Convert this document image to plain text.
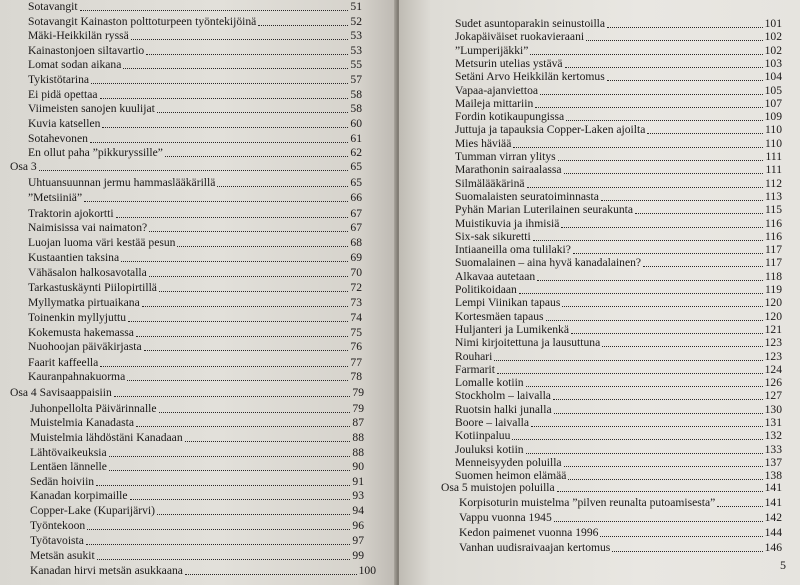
Sotavangit	51
Sotavangit Kainaston polttoturpeen työntekijöinä	52
Mäki-Heikkilän ryssä	53
Kainastonjoen siltavartio	53
Lomat sodan aikana	55
Tykistötarina	57
Ei pidä opettaa	58
Viimeisten sanojen kuulijat	58
Kuvia katsellen	60
Sotahevonen	61
En ollut paha ”pikkuryssille”	62
Osa 3	65
Uhtuansuunnan jermu hammaslääkärillä	65
”Metsiiniä”	66
Traktorin ajokortti	67
Naimisissa vai naimaton?	67
Luojan luoma väri kestää pesun	68
Kustaantien taksina	69
Vähäsalon halkosavotalla	70
Tarkastuskäynti Piilopirtillä	72
Myllymatka pirtuaikana	73
Toinenkin myllyjuttu	74
Kokemusta hakemassa	75
Nuohoojan päiväkirjasta	76
Faarit kaffeella	77
Kauranpahnakuorma	78
Osa 4 Savisaappaisiin	79
Juhonpellolta Päivärinnalle	79
Muistelmia Kanadasta	87
Muistelmia lähdöstäni Kanadaan	88
Lähtövaikeuksia	88
Lentäen lännelle	90
Sedän hoiviin	91
Kanadan korpimaille	93
Copper-Lake (Kuparijärvi)	94
Työntekoon	96
Työtavoista	97
Metsän asukit	99
Kanadan hirvi metsän asukkaana	100
Sudet asuntoparakin seinustoilla	101
Jokapäiväiset ruokavieraani	102
”Lumperijäkki”	102
Metsurin utelias ystävä	103
Setäni Arvo Heikkilän kertomus	104
Vapaa-ajanviettoa	105
Maileja mittariin	107
Fordin kotikaupungissa	109
Juttuja ja tapauksia Copper-Laken ajoilta	110
Mies häviää	110
Tumman virran ylitys	111
Marathonin sairaalassa	111
Silmälääkärinä	112
Suomalaisten seuratoiminnasta	113
Pyhän Marian Luterilainen seurakunta	115
Muistikuvia ja ihmisiä	116
Six-sak sikuretti	116
Intiaaneilla oma tulilaki?	117
Suomalainen – aina hyvä kanadalainen?	117
Alkavaa autetaan	118
Politikoidaan	119
Lempi Viinikan tapaus	120
Kortesmäen tapaus	120
Huljanteri ja Lumikenkä	121
Nimi kirjoitettuna ja lausuttuna	123
Rouhari	123
Farmarit	124
Lomalle kotiin	126
Stockholm – laivalla	127
Ruotsin halki junalla	130
Boore – laivalla	131
Kotiinpaluu	132
Jouluksi kotiin	133
Menneisyyden poluilla	137
Suomen heimon elämää	138
Osa 5 muistojen poluilla	141
Korpisoturin muistelma ”pilven reunalta putoamisesta”	141
Vappu vuonna 1945	142
Kedon paimenet vuonna 1996	144
Vanhan uudisraivaajan kertomus	146
5
